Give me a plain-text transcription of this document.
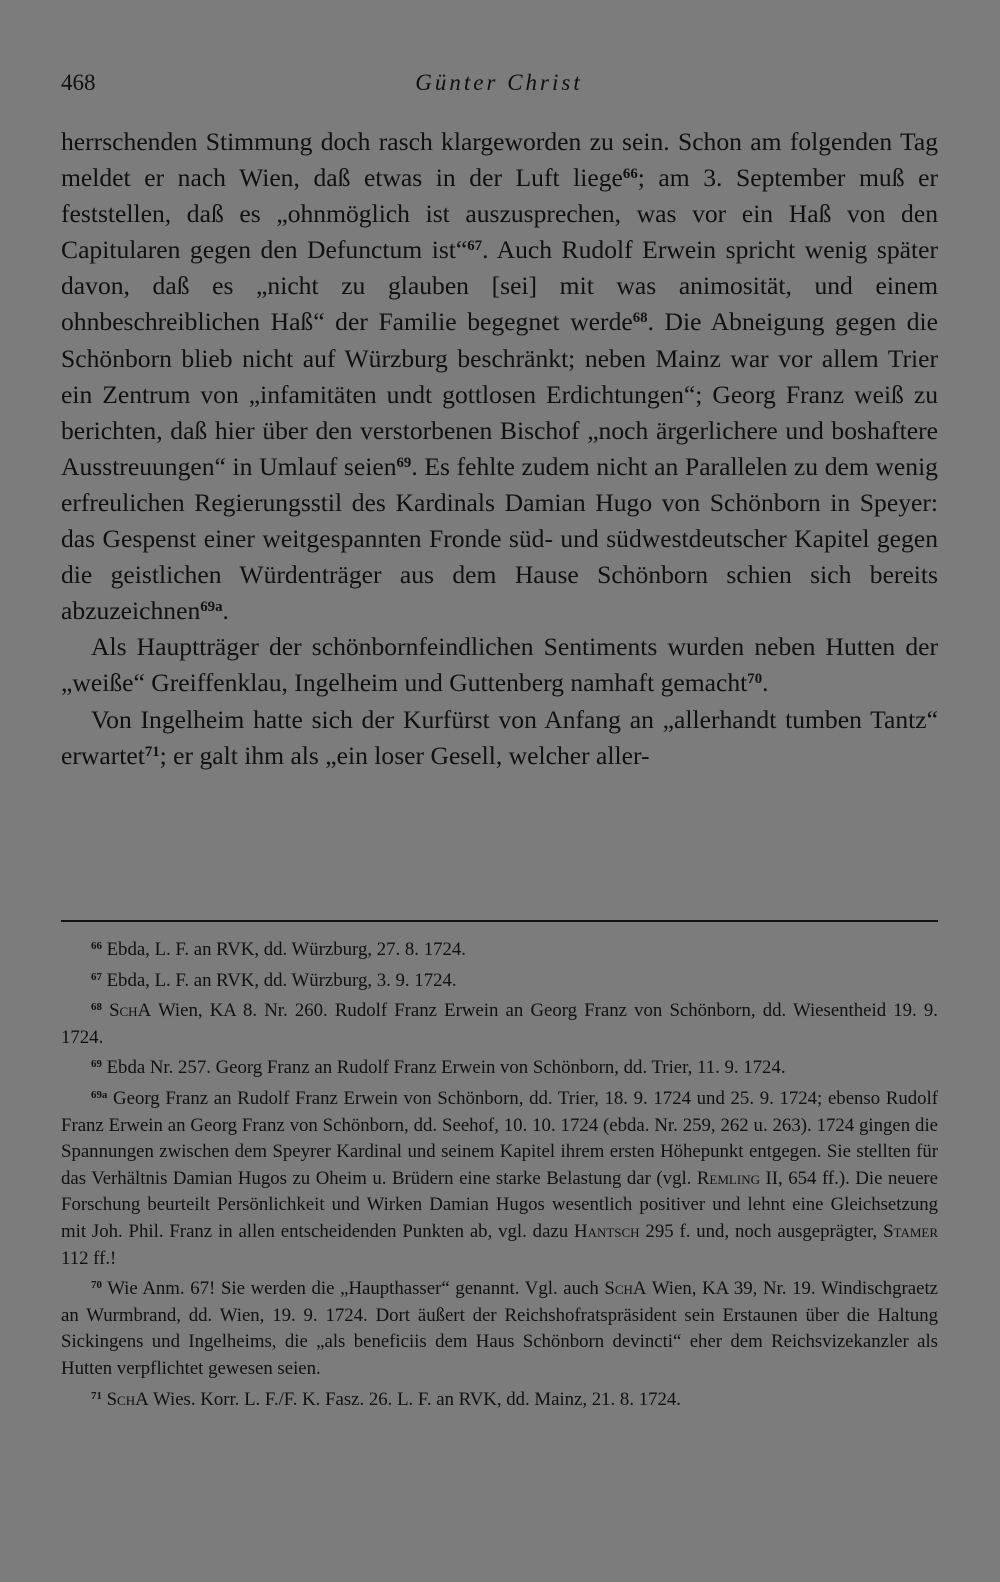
468	Günter Christ

herrschenden Stimmung doch rasch klargeworden zu sein. Schon am folgenden Tag meldet er nach Wien, daß etwas in der Luft liege$^{66}$; am 3. September muß er feststellen, daß es „ohnmöglich ist auszusprechen, was vor ein Haß von den Capitularen gegen den Defunctum ist“$^{67}$. Auch Rudolf Erwein spricht wenig später davon, daß es „nicht zu glauben [sei] mit was animosität, und einem ohnbeschreiblichen Haß“ der Familie begegnet werde$^{68}$. Die Abneigung gegen die Schönborn blieb nicht auf Würzburg beschränkt; neben Mainz war vor allem Trier ein Zentrum von „infamitäten undt gottlosen Erdichtungen“; Georg Franz weiß zu berichten, daß hier über den verstorbenen Bischof „noch ärgerlichere und boshaftere Ausstreuungen“ in Umlauf seien$^{69}$. Es fehlte zudem nicht an Parallelen zu dem wenig erfreulichen Regierungsstil des Kardinals Damian Hugo von Schönborn in Speyer: das Gespenst einer weitgespannten Fronde süd- und südwestdeutscher Kapitel gegen die geistlichen Würdenträger aus dem Hause Schönborn schien sich bereits abzuzeichnen$^{69a}$.

Als Hauptträger der schönbornfeindlichen Sentiments wurden neben Hutten der „weiße“ Greiffenklau, Ingelheim und Guttenberg namhaft gemacht$^{70}$.

Von Ingelheim hatte sich der Kurfürst von Anfang an „allerhandt tumben Tantz“ erwartet$^{71}$; er galt ihm als „ein loser Gesell, welcher aller-

$^{66}$ Ebda, L. F. an RVK, dd. Würzburg, 27. 8. 1724.

$^{67}$ Ebda, L. F. an RVK, dd. Würzburg, 3. 9. 1724.

$^{68}$ SchA Wien, KA 8. Nr. 260. Rudolf Franz Erwein an Georg Franz von Schönborn, dd. Wiesentheid 19. 9. 1724.

$^{69}$ Ebda Nr. 257. Georg Franz an Rudolf Franz Erwein von Schönborn, dd. Trier, 11. 9. 1724.

$^{69a}$ Georg Franz an Rudolf Franz Erwein von Schönborn, dd. Trier, 18. 9. 1724 und 25. 9. 1724; ebenso Rudolf Franz Erwein an Georg Franz von Schönborn, dd. Seehof, 10. 10. 1724 (ebda. Nr. 259, 262 u. 263). 1724 gingen die Spannungen zwischen dem Speyrer Kardinal und seinem Kapitel ihrem ersten Höhepunkt entgegen. Sie stellten für das Verhältnis Damian Hugos zu Oheim u. Brüdern eine starke Belastung dar (vgl. Remling II, 654 ff.). Die neuere Forschung beurteilt Persönlichkeit und Wirken Damian Hugos wesentlich positiver und lehnt eine Gleichsetzung mit Joh. Phil. Franz in allen entscheidenden Punkten ab, vgl. dazu Hantsch 295 f. und, noch ausgeprägter, Stamer 112 ff.!

$^{70}$ Wie Anm. 67! Sie werden die „Haupthasser“ genannt. Vgl. auch SchA Wien, KA 39, Nr. 19. Windischgraetz an Wurmbrand, dd. Wien, 19. 9. 1724. Dort äußert der Reichshofratspräsident sein Erstaunen über die Haltung Sickingens und Ingelheims, die „als beneficiis dem Haus Schönborn devincti“ eher dem Reichsvizekanzler als Hutten verpflichtet gewesen seien.

$^{71}$ SchA Wies. Korr. L. F./F. K. Fasz. 26. L. F. an RVK, dd. Mainz, 21. 8. 1724.
